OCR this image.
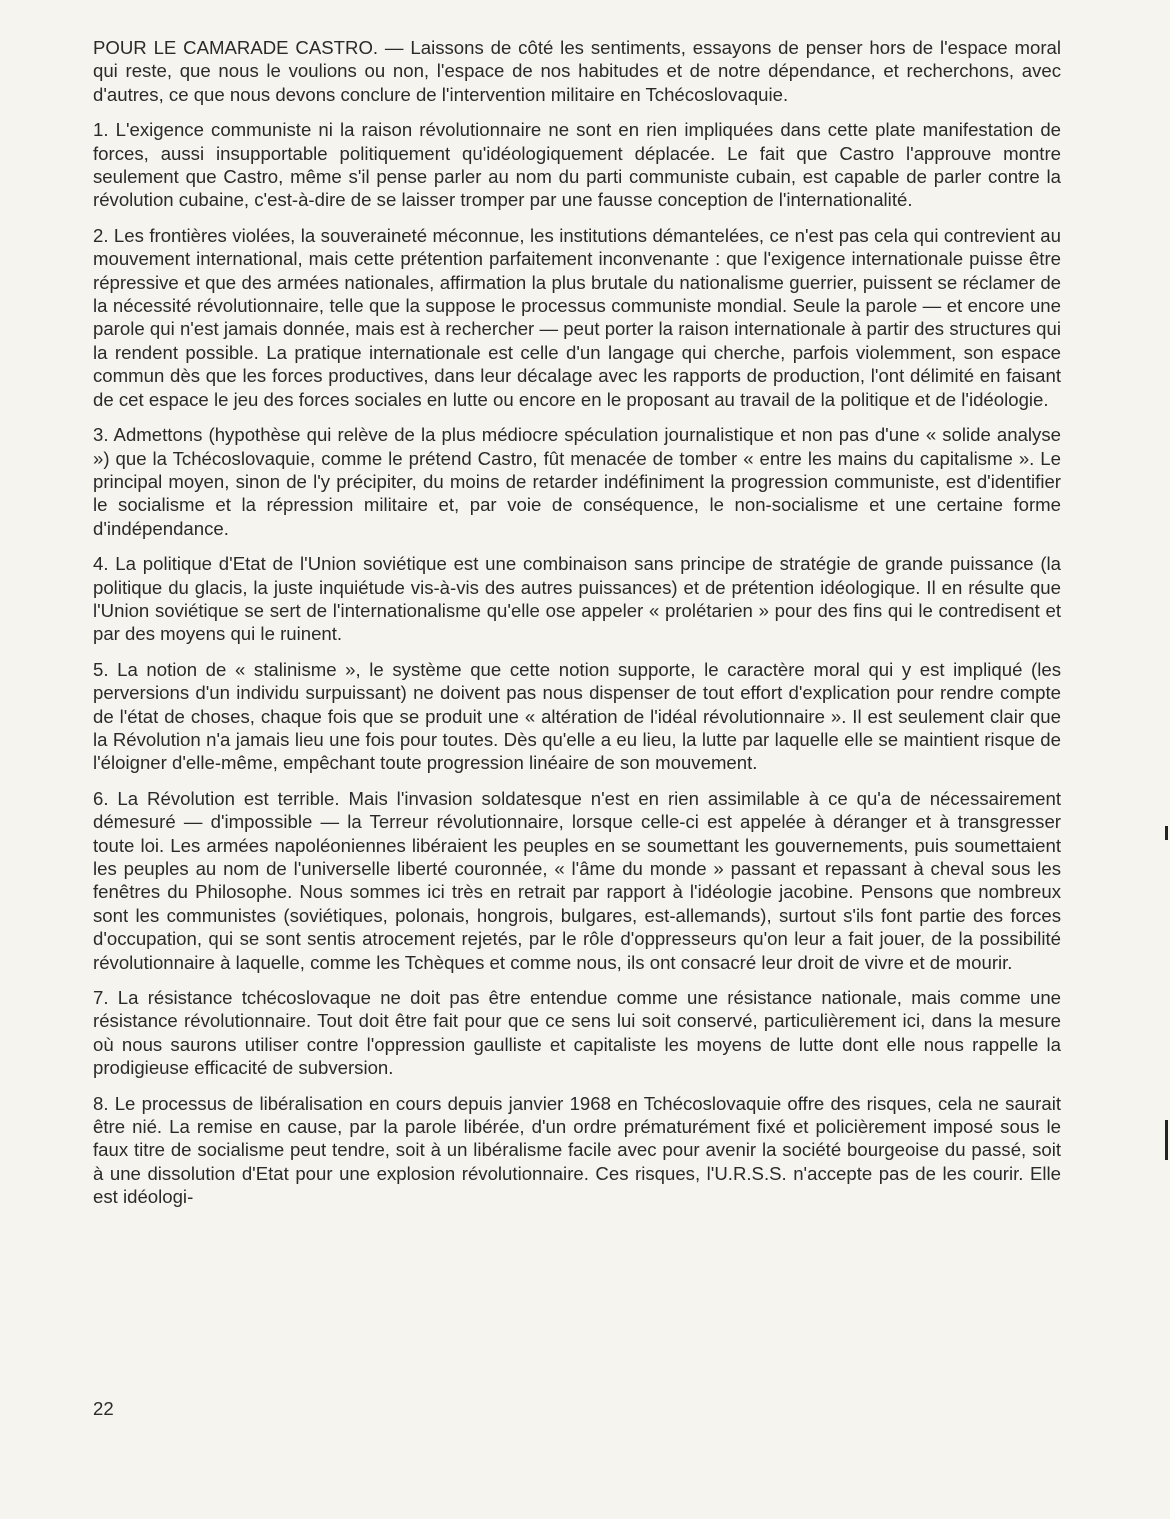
POUR LE CAMARADE CASTRO. — Laissons de côté les sentiments, essayons de penser hors de l'espace moral qui reste, que nous le voulions ou non, l'espace de nos habitudes et de notre dépendance, et recherchons, avec d'autres, ce que nous devons conclure de l'intervention militaire en Tchécoslovaquie.

1. L'exigence communiste ni la raison révolutionnaire ne sont en rien impliquées dans cette plate manifestation de forces, aussi insupportable politiquement qu'idéologiquement déplacée. Le fait que Castro l'approuve montre seulement que Castro, même s'il pense parler au nom du parti communiste cubain, est capable de parler contre la révolution cubaine, c'est-à-dire de se laisser tromper par une fausse conception de l'internationalité.

2. Les frontières violées, la souveraineté méconnue, les institutions démantelées, ce n'est pas cela qui contrevient au mouvement international, mais cette prétention parfaitement inconvenante : que l'exigence internationale puisse être répressive et que des armées nationales, affirmation la plus brutale du nationalisme guerrier, puissent se réclamer de la nécessité révolutionnaire, telle que la suppose le processus communiste mondial. Seule la parole — et encore une parole qui n'est jamais donnée, mais est à rechercher — peut porter la raison internationale à partir des structures qui la rendent possible. La pratique internationale est celle d'un langage qui cherche, parfois violemment, son espace commun dès que les forces productives, dans leur décalage avec les rapports de production, l'ont délimité en faisant de cet espace le jeu des forces sociales en lutte ou encore en le proposant au travail de la politique et de l'idéologie.

3. Admettons (hypothèse qui relève de la plus médiocre spéculation journalistique et non pas d'une « solide analyse ») que la Tchécoslovaquie, comme le prétend Castro, fût menacée de tomber « entre les mains du capitalisme ». Le principal moyen, sinon de l'y précipiter, du moins de retarder indéfiniment la progression communiste, est d'identifier le socialisme et la répression militaire et, par voie de conséquence, le non-socialisme et une certaine forme d'indépendance.

4. La politique d'Etat de l'Union soviétique est une combinaison sans principe de stratégie de grande puissance (la politique du glacis, la juste inquiétude vis-à-vis des autres puissances) et de prétention idéologique. Il en résulte que l'Union soviétique se sert de l'internationalisme qu'elle ose appeler « prolétarien » pour des fins qui le contredisent et par des moyens qui le ruinent.

5. La notion de « stalinisme », le système que cette notion supporte, le caractère moral qui y est impliqué (les perversions d'un individu surpuissant) ne doivent pas nous dispenser de tout effort d'explication pour rendre compte de l'état de choses, chaque fois que se produit une « altération de l'idéal révolutionnaire ». Il est seulement clair que la Révolution n'a jamais lieu une fois pour toutes. Dès qu'elle a eu lieu, la lutte par laquelle elle se maintient risque de l'éloigner d'elle-même, empêchant toute progression linéaire de son mouvement.

6. La Révolution est terrible. Mais l'invasion soldatesque n'est en rien assimilable à ce qu'a de nécessairement démesuré — d'impossible — la Terreur révolutionnaire, lorsque celle-ci est appelée à déranger et à transgresser toute loi. Les armées napoléoniennes libéraient les peuples en se soumettant les gouvernements, puis soumettaient les peuples au nom de l'universelle liberté couronnée, « l'âme du monde » passant et repassant à cheval sous les fenêtres du Philosophe. Nous sommes ici très en retrait par rapport à l'idéologie jacobine. Pensons que nombreux sont les communistes (soviétiques, polonais, hongrois, bulgares, est-allemands), surtout s'ils font partie des forces d'occupation, qui se sont sentis atrocement rejetés, par le rôle d'oppresseurs qu'on leur a fait jouer, de la possibilité révolutionnaire à laquelle, comme les Tchèques et comme nous, ils ont consacré leur droit de vivre et de mourir.

7. La résistance tchécoslovaque ne doit pas être entendue comme une résistance nationale, mais comme une résistance révolutionnaire. Tout doit être fait pour que ce sens lui soit conservé, particulièrement ici, dans la mesure où nous saurons utiliser contre l'oppression gaulliste et capitaliste les moyens de lutte dont elle nous rappelle la prodigieuse efficacité de subversion.

8. Le processus de libéralisation en cours depuis janvier 1968 en Tchécoslovaquie offre des risques, cela ne saurait être nié. La remise en cause, par la parole libérée, d'un ordre prématurément fixé et policièrement imposé sous le faux titre de socialisme peut tendre, soit à un libéralisme facile avec pour avenir la société bourgeoise du passé, soit à une dissolution d'Etat pour une explosion révolutionnaire. Ces risques, l'U.R.S.S. n'accepte pas de les courir. Elle est idéologi-

22
